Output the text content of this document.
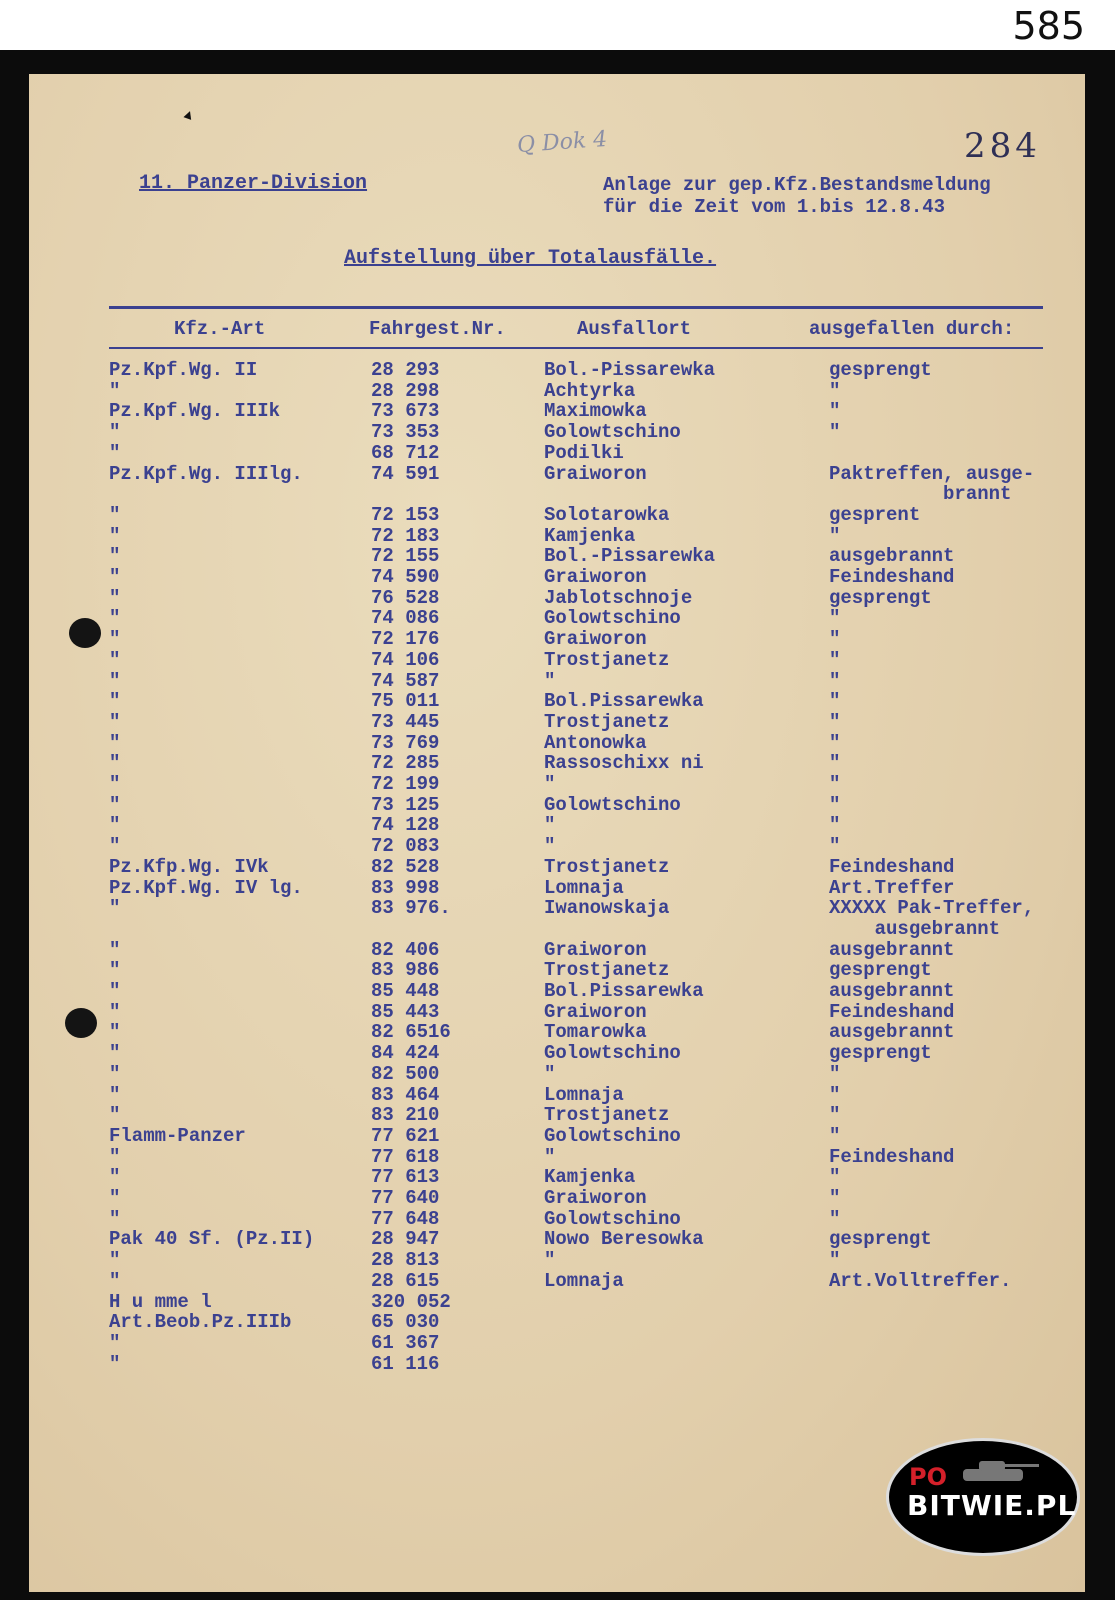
585
▲
Q Dok 4	284
11. Panzer-Division	Anlage zur gep.Kfz.Bestandsmeldung
für die Zeit vom 1.bis 12.8.43
Aufstellung über Totalausfälle.
Kfz.-Art	Fahrgest.Nr.	Ausfallort	ausgefallen durch:
Pz.Kpf.Wg. II	28 293	Bol.-Pissarewka	gesprengt
"	28 298	Achtyrka	"
Pz.Kpf.Wg. IIIk	73 673	Maximowka	"
"	73 353	Golowtschino	"
"	68 712	Podilki
Pz.Kpf.Wg. IIIlg.	74 591	Graiworon	Paktreffen, ausge-
brannt
"	72 153	Solotarowka	gesprent
"	72 183	Kamjenka	"
"	72 155	Bol.-Pissarewka	ausgebrannt
"	74 590	Graiworon	Feindeshand
"	76 528	Jablotschnoje	gesprengt
"	74 086	Golowtschino	"
"	72 176	Graiworon	"
"	74 106	Trostjanetz	"
"	74 587	"	"
"	75 011	Bol.Pissarewka	"
"	73 445	Trostjanetz	"
"	73 769	Antonowka	"
"	72 285	Rassoschixx ni	"
"	72 199	"	"
"	73 125	Golowtschino	"
"	74 128	"	"
"	72 083	"	"
Pz.Kfp.Wg. IVk	82 528	Trostjanetz	Feindeshand
Pz.Kpf.Wg. IV lg.	83 998	Lomnaja	Art.Treffer
"	83 976.	Iwanowskaja	XXXXX Pak-Treffer,
ausgebrannt
"	82 406	Graiworon	ausgebrannt
"	83 986	Trostjanetz	gesprengt
"	85 448	Bol.Pissarewka	ausgebrannt
"	85 443	Graiworon	Feindeshand
"	82 6516	Tomarowka	ausgebrannt
"	84 424	Golowtschino	gesprengt
"	82 500	"	"
"	83 464	Lomnaja	"
"	83 210	Trostjanetz	"
Flamm-Panzer	77 621	Golowtschino	"
"	77 618	"	Feindeshand
"	77 613	Kamjenka	"
"	77 640	Graiworon	"
"	77 648	Golowtschino	"
Pak 40 Sf. (Pz.II)	28 947	Nowo Beresowka	gesprengt
"	28 813	"	"
"	28 615	Lomnaja	Art.Volltreffer.
H u mme l	320 052
Art.Beob.Pz.IIIb	65 030
"	61 367
"	61 116
PO
BITWIE.PL
